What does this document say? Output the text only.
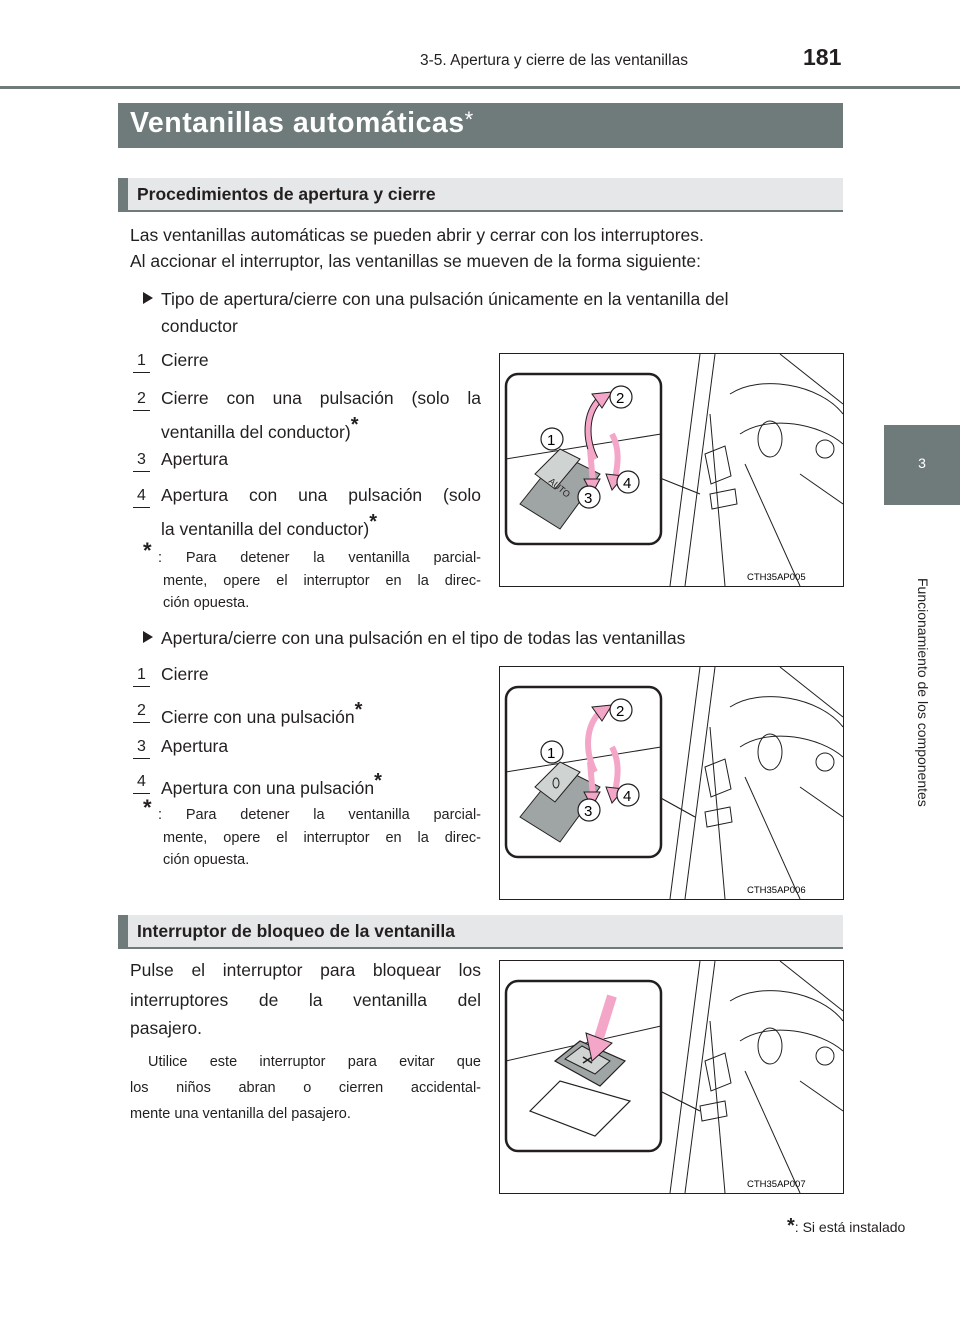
3-5. Apertura y cierre de las ventanillas	181
3
Funcionamiento de los componentes
Ventanillas automáticas*
Procedimientos de apertura y cierre
Las ventanillas automáticas se pueden abrir y cerrar con los interruptores.
Al accionar el interruptor, las ventanillas se mueven de la forma siguiente:
Tipo de apertura/cierre con una pulsación únicamente en la ventanilla del
conductor
1 Cierre
2 Cierre con una pulsación (solo la
ventanilla del conductor)*
3 Apertura
4 Apertura con una pulsación (solo
la ventanilla del conductor)*
* : Para detener la ventanilla parcial-
mente, opere el interruptor en la direc-
ción opuesta.
AUTO
1
2
3
4
CTH35AP005
Apertura/cierre con una pulsación en el tipo de todas las ventanillas
1 Cierre
2 Cierre con una pulsación*
3 Apertura
4 Apertura con una pulsación*
* : Para detener la ventanilla parcial-
mente, opere el interruptor en la direc-
ción opuesta.
1
2
3
4
CTH35AP006
Interruptor de bloqueo de la ventanilla
Pulse el interruptor para bloquear los
interruptores de la ventanilla del
pasajero.
Utilice este interruptor para evitar que
los niños abran o cierren accidental-
mente una ventanilla del pasajero.
CTH35AP007
*: Si está instalado
